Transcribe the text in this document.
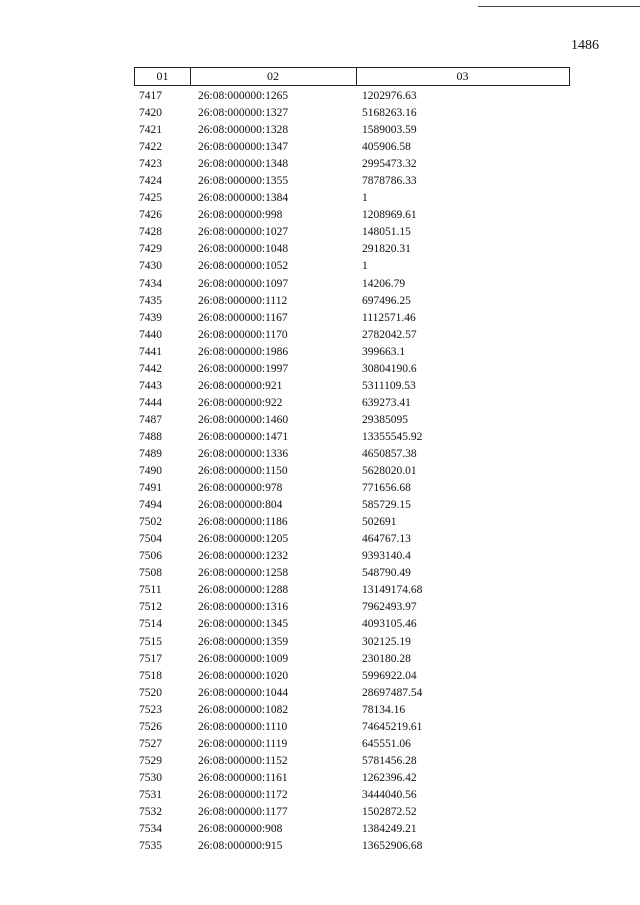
1486
01	02	03
7417	26:08:000000:1265	1202976.63
7420	26:08:000000:1327	5168263.16
7421	26:08:000000:1328	1589003.59
7422	26:08:000000:1347	405906.58
7423	26:08:000000:1348	2995473.32
7424	26:08:000000:1355	7878786.33
7425	26:08:000000:1384	1
7426	26:08:000000:998	1208969.61
7428	26:08:000000:1027	148051.15
7429	26:08:000000:1048	291820.31
7430	26:08:000000:1052	1
7434	26:08:000000:1097	14206.79
7435	26:08:000000:1112	697496.25
7439	26:08:000000:1167	1112571.46
7440	26:08:000000:1170	2782042.57
7441	26:08:000000:1986	399663.1
7442	26:08:000000:1997	30804190.6
7443	26:08:000000:921	5311109.53
7444	26:08:000000:922	639273.41
7487	26:08:000000:1460	29385095
7488	26:08:000000:1471	13355545.92
7489	26:08:000000:1336	4650857.38
7490	26:08:000000:1150	5628020.01
7491	26:08:000000:978	771656.68
7494	26:08:000000:804	585729.15
7502	26:08:000000:1186	502691
7504	26:08:000000:1205	464767.13
7506	26:08:000000:1232	9393140.4
7508	26:08:000000:1258	548790.49
7511	26:08:000000:1288	13149174.68
7512	26:08:000000:1316	7962493.97
7514	26:08:000000:1345	4093105.46
7515	26:08:000000:1359	302125.19
7517	26:08:000000:1009	230180.28
7518	26:08:000000:1020	5996922.04
7520	26:08:000000:1044	28697487.54
7523	26:08:000000:1082	78134.16
7526	26:08:000000:1110	74645219.61
7527	26:08:000000:1119	645551.06
7529	26:08:000000:1152	5781456.28
7530	26:08:000000:1161	1262396.42
7531	26:08:000000:1172	3444040.56
7532	26:08:000000:1177	1502872.52
7534	26:08:000000:908	1384249.21
7535	26:08:000000:915	13652906.68
